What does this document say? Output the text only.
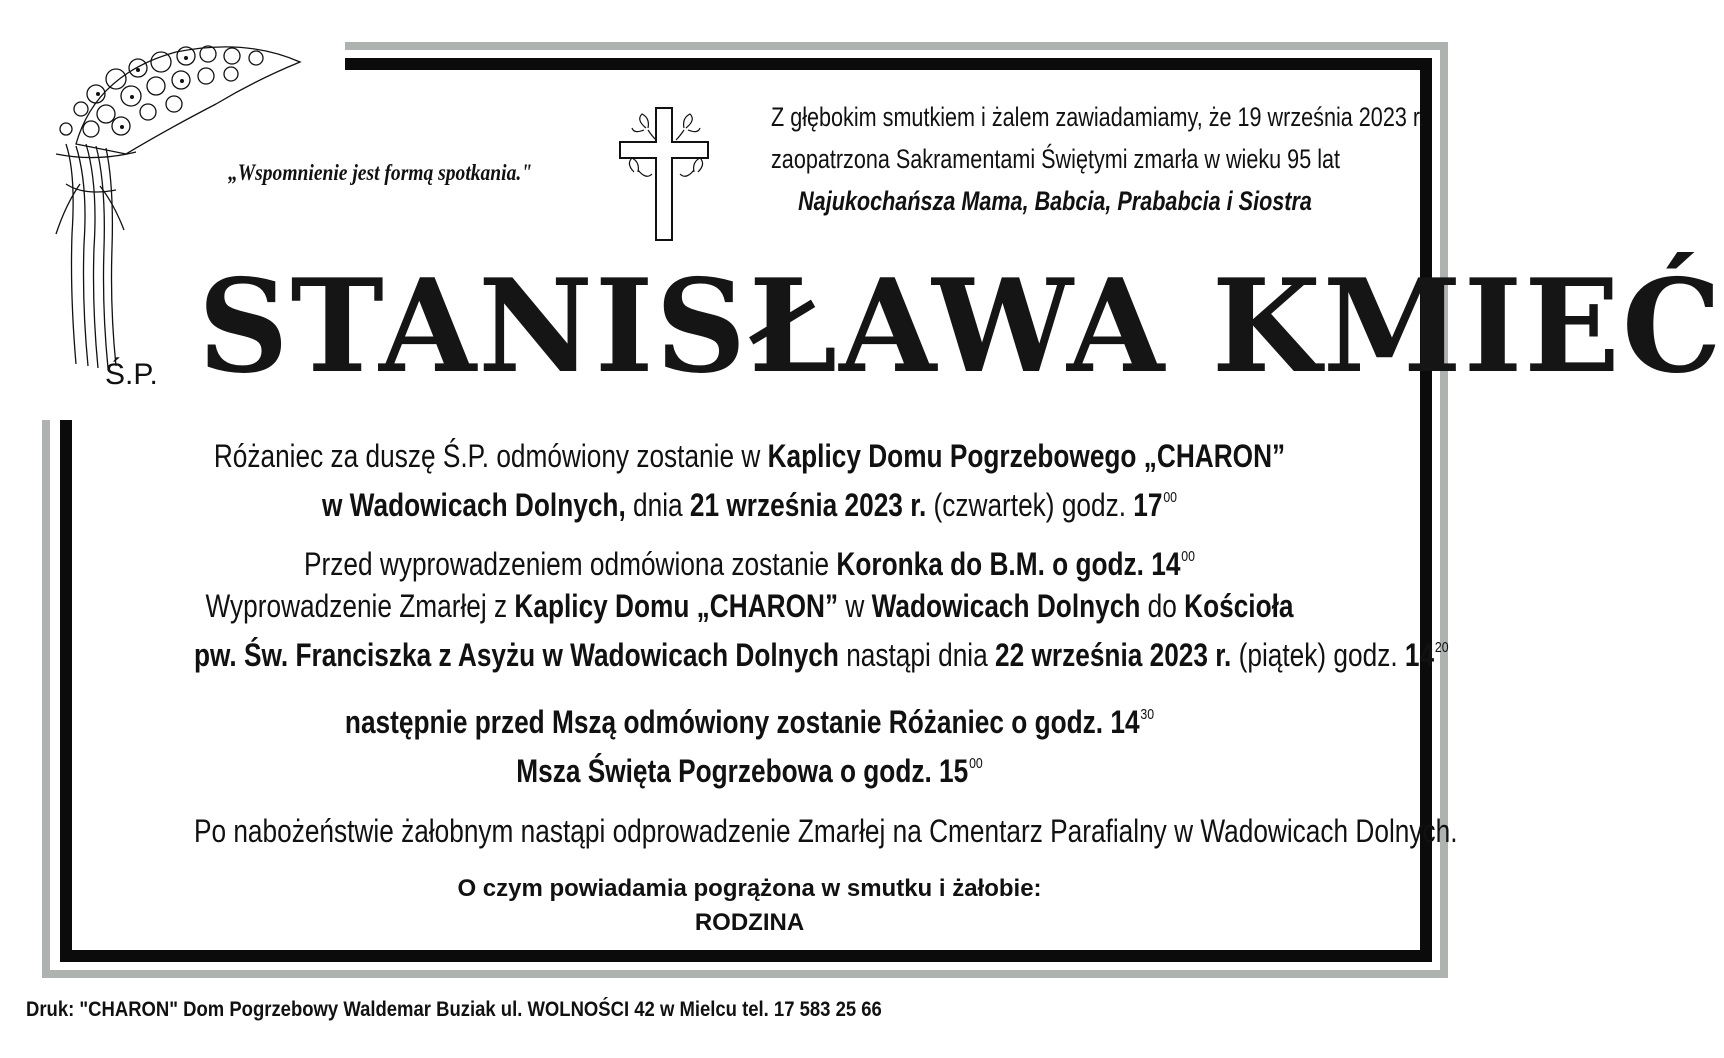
„Wspomnienie jest formą spotkania."
Z głębokim smutkiem i żalem zawiadamiamy, że 19 września 2023 r.
zaopatrzona Sakramentami Świętymi zmarła w wieku 95 lat
Najukochańsza Mama, Babcia, Prababcia i Siostra
Ś.P. STANISŁAWA KMIEĆ
Różaniec za duszę Ś.P. odmówiony zostanie w Kaplicy Domu Pogrzebowego „CHARON”
w Wadowicach Dolnych, dnia 21 września 2023 r. (czwartek) godz. $17^{00}$
Przed wyprowadzeniem odmówiona zostanie Koronka do B.M. o godz. $14^{00}$
Wyprowadzenie Zmarłej z Kaplicy Domu „CHARON” w Wadowicach Dolnych do Kościoła
pw. Św. Franciszka z Asyżu w Wadowicach Dolnych nastąpi dnia 22 września 2023 r. (piątek) godz. $14^{20}$
następnie przed Mszą odmówiony zostanie Różaniec o godz. $14^{30}$
Msza Święta Pogrzebowa o godz. $15^{00}$
Po nabożeństwie żałobnym nastąpi odprowadzenie Zmarłej na Cmentarz Parafialny w Wadowicach Dolnych.
O czym powiadamia pogrążona w smutku i żałobie:
RODZINA
Druk: "CHARON" Dom Pogrzebowy Waldemar Buziak ul. WOLNOŚCI 42 w Mielcu tel. 17 583 25 66
